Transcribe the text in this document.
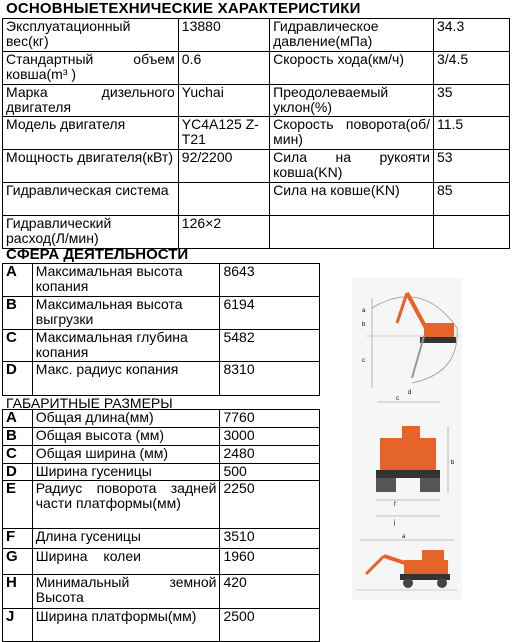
ОСНОВНЫЕТЕХНИЧЕСКИЕ ХАРАКТЕРИСТИКИ
Эксплуатационный вес(кг)	13880	Гидравлическое давление(мПа)	34.3
Стандартный объем ковша(m³ )	0.6	Скорость хода(км/ч)	3/4.5
Марка дизельного двигателя	Yuchai	Преодолеваемый уклон(%)	35
Модель двигателя	YC4A125 Z-T21	Скорость поворота(об/мин)	11.5
Мощность двигателя(кВт)	92/2200	Сила на рукояти ковша(KN)	53
Гидравлическая система		Сила на ковше(KN)	85
Гидравлический расход(Л/мин)	126×2		
СФЕРА ДЕЯТЕЛЬНОСТИ
A	Максимальная высота копания	8643
B	Максимальная высота выгрузки	6194
C	Максимальная глубина копания	5482
D	Макс. радиус копания	8310
ГАБАРИТНЫЕ РАЗМЕРЫ
A	Общая длина(мм)	7760
B	Общая высота (мм)	3000
C	Общая ширина (мм)	2480
D	Ширина гусеницы	500
E	Радиус поворота задней части платформы(мм)	2250
F	Длина гусеницы	3510
G	Ширина колеи	1960
H	Минимальный земной Высота	420
J	Ширина платформы(мм)	2500
a
b
c
d
c
b
f
j
a
